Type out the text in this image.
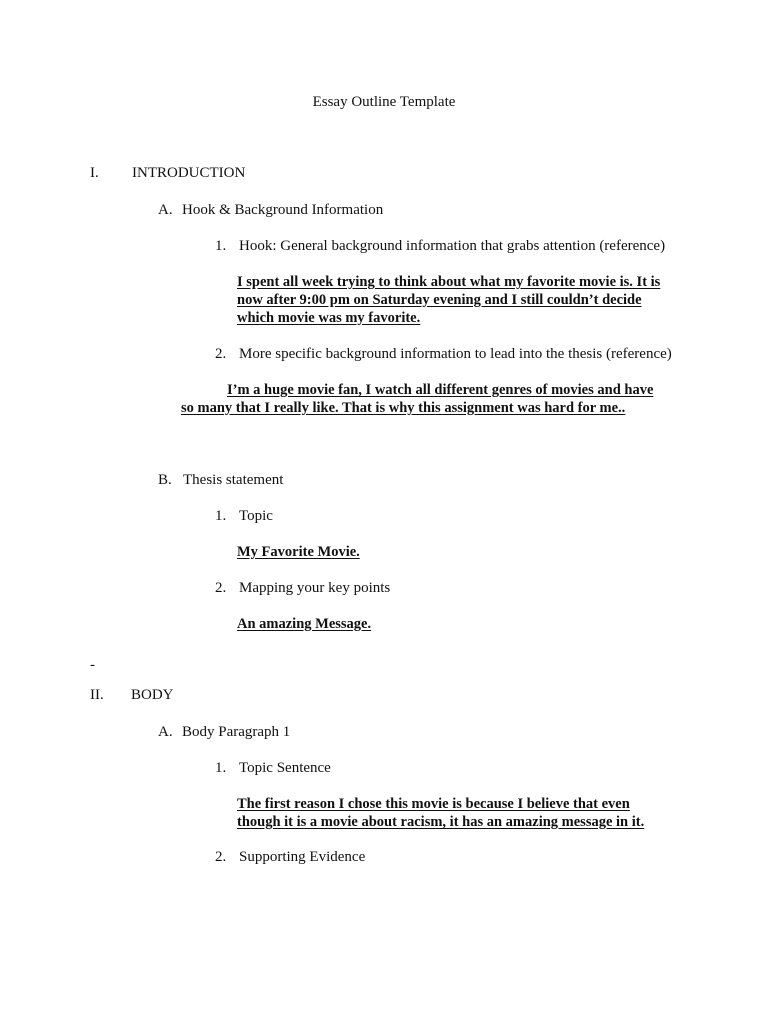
Essay Outline Template
I. INTRODUCTION
A. Hook & Background Information
1. Hook: General background information that grabs attention (reference)
I spent all week trying to think about what my favorite movie is. It is
now after 9:00 pm on Saturday evening and I still couldn’t decide
which movie was my favorite.
2. More specific background information to lead into the thesis (reference)
I’m a huge movie fan, I watch all different genres of movies and have
so many that I really like. That is why this assignment was hard for me..
B. Thesis statement
1. Topic
My Favorite Movie.
2. Mapping your key points
An amazing Message.
-
II. BODY
A. Body Paragraph 1
1. Topic Sentence
The first reason I chose this movie is because I believe that even
though it is a movie about racism, it has an amazing message in it.
2. Supporting Evidence
